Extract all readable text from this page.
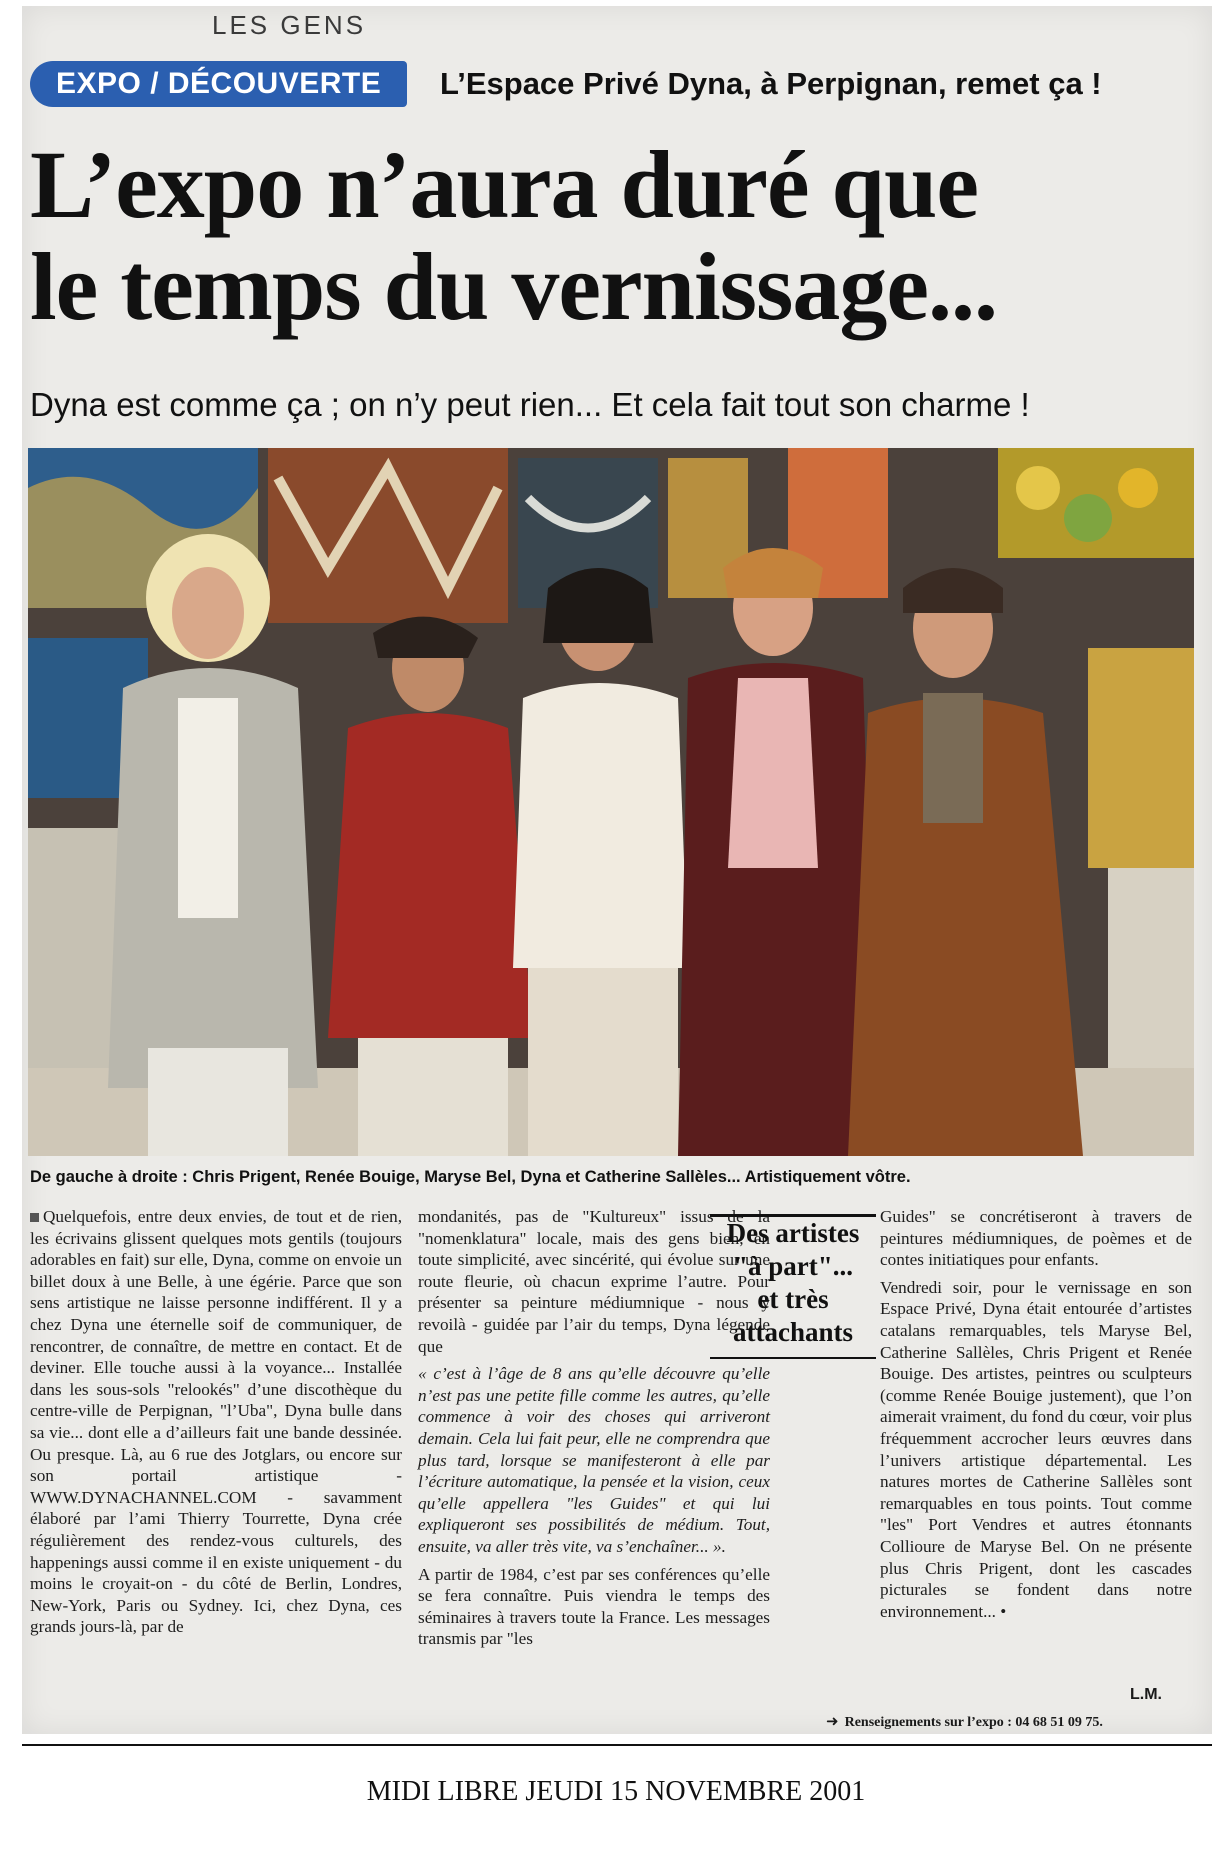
LES GENS
EXPO / DÉCOUVERTE	L’Espace Privé Dyna, à Perpignan, remet ça !
L’expo n’aura duré que
le temps du vernissage...
Dyna est comme ça ; on n’y peut rien... Et cela fait tout son charme !
De gauche à droite : Chris Prigent, Renée Bouige, Maryse Bel, Dyna et Catherine Sallèles... Artistiquement vôtre.

Quelquefois, entre deux envies, de tout et de rien, les écrivains glissent quelques mots gentils (toujours adorables en fait) sur elle, Dyna, comme on envoie un billet doux à une Belle, à une égérie. Parce que son sens artistique ne laisse personne indifférent. Il y a chez Dyna une éternelle soif de communiquer, de rencontrer, de connaître, de mettre en contact. Et de deviner. Elle touche aussi à la voyance... Installée dans les sous-sols "relookés" d’une discothèque du centre-ville de Perpignan, "l’Uba", Dyna bulle dans sa vie... dont elle a d’ailleurs fait une bande dessinée. Ou presque. Là, au 6 rue des Jotglars, ou encore sur son portail artistique - WWW.DYNACHANNEL.COM - savamment élaboré par l’ami Thierry Tourrette, Dyna crée régulièrement des rendez-vous culturels, des happenings aussi comme il en existe uniquement - du moins le croyait-on - du côté de Berlin, Londres, New-York, Paris ou Sydney. Ici, chez Dyna, ces grands jours-là, par de

mondanités, pas de "Kultureux" issus de la "nomenklatura" locale, mais des gens bien, en toute simplicité, avec sincérité, qui évolue sur une route fleurie, où chacun exprime l’autre. Pour présenter sa peinture médiumnique - nous y revoilà - guidée par l’air du temps, Dyna légende que

« c’est à l’âge de 8 ans qu’elle découvre qu’elle n’est pas une petite fille comme les autres, qu’elle commence à voir des choses qui arriveront demain. Cela lui fait peur, elle ne comprendra que plus tard, lorsque se manifesteront à elle par l’écriture automatique, la pensée et la vision, ceux qu’elle appellera "les Guides" et qui lui expliqueront ses possibilités de médium. Tout, ensuite, va aller très vite, va s’enchaîner... ».

A partir de 1984, c’est par ses conférences qu’elle se fera connaître. Puis viendra le temps des séminaires à travers toute la France. Les messages transmis par "les

Des artistes
"à part"...
et très
attachants

Guides" se concrétiseront à travers de peintures médiumniques, de poèmes et de contes initiatiques pour enfants.

Vendredi soir, pour le vernissage en son Espace Privé, Dyna était entourée d’artistes catalans remarquables, tels Maryse Bel, Catherine Sallèles, Chris Prigent et Renée Bouige. Des artistes, peintres ou sculpteurs (comme Renée Bouige justement), que l’on aimerait vraiment, du fond du cœur, voir plus fréquemment accrocher leurs œuvres dans l’univers artistique départemental. Les natures mortes de Catherine Sallèles sont remarquables en tous points. Tout comme "les" Port Vendres et autres étonnants Collioure de Maryse Bel. On ne présente plus Chris Prigent, dont les cascades picturales se fondent dans notre environnement... •

L.M.
➜ Renseignements sur l’expo : 04 68 51 09 75.
MIDI LIBRE JEUDI 15 NOVEMBRE 2001
